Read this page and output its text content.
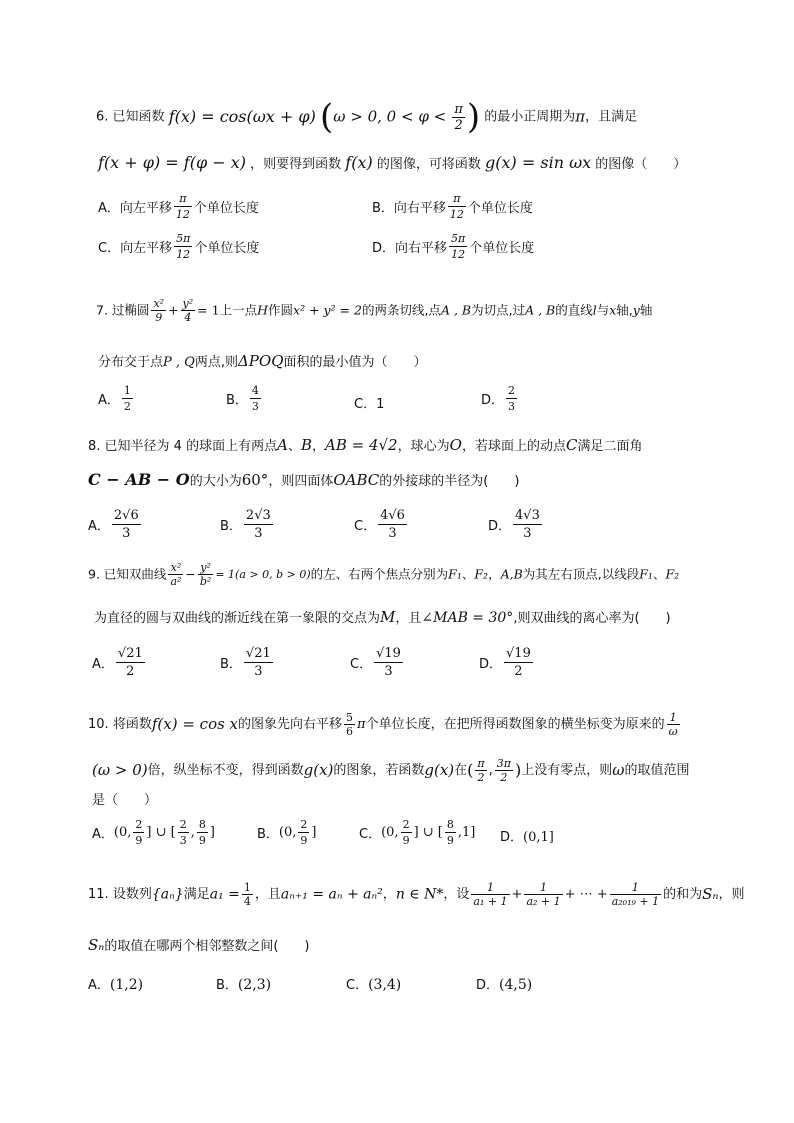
6. 已知函数 f(x) = cos(ωx + φ) (ω > 0, $0 < \varphi < \frac{\pi}{2}$ ) 的最小正周期为π，且满足
f(x + φ) = f(φ − x) ，则要得到函数 f(x) 的图像，可将函数 g(x) = sin ωx 的图像（　　）
A．向左平移 $\frac{\pi}{12}$ 个单位长度	B．向右平移 $\frac{\pi}{12}$ 个单位长度
C．向左平移 $\frac{5\pi}{12}$ 个单位长度	D．向右平移 $\frac{5\pi}{12}$ 个单位长度
7. 过椭圆 $\frac{\text{x²}}{9} + \frac{\text{y²}}{4} = 1$上一点H作圆x² + y² = 2的两条切线,点A , B为切点,过A , B的直线l与x轴,y轴
分布交于点P , Q两点,则ΔPOQ面积的最小值为（　　）
A． $\frac{1}{2}$	B． $\frac{4}{3}$	C．1	D． $\frac{2}{3}$
8. 已知半径为 4 的球面上有两点A、B，AB = 4√2，球心为O，若球面上的动点C满足二面角
C − AB − O的大小为60°，则四面体OABC的外接球的半径为(　　)
A． $\frac{2√6}{3}$	B． $\frac{2√3}{3}$	C． $\frac{4√6}{3}$	D． $\frac{4√3}{3}$
9. 已知双曲线 $\frac{\text{x²}}{\text{a²}} - \frac{\text{y²}}{\text{b²}} = 1(a > 0$, b > 0)的左、右两个焦点分别为F₁、F₂，A,B为其左右顶点,以线段F₁、F₂
为直径的圆与双曲线的渐近线在第一象限的交点为M，且∠MAB = 30°,则双曲线的离心率为(　　)
A． $\frac{√21}{2}$	B． $\frac{√21}{3}$	C． $\frac{√19}{3}$	D． $\frac{√19}{2}$
10. 将函数f(x) = cos x的图象先向右平移 $\frac{5}{6}$ π个单位长度，在把所得函数图象的横坐标变为原来的 $\frac{1}{\omega}$
(ω > 0)倍，纵坐标不变，得到函数g(x)的图象，若函数g(x)在( $\frac{\pi}{2}$ , $\frac{3\pi}{2}$ )上没有零点，则ω的取值范围
是（　　）
A．(0, $\frac{2}{9}$ ] ∪ [ $\frac{2}{3}$ , $\frac{8}{9}$ ]	B．(0, $\frac{2}{9}$ ]	C．(0, $\frac{2}{9}$ ] ∪ [ $\frac{8}{9} ,1$] D．(0,1]
11. 设数列{aₙ}满足$a_1 = \frac{1}{4}$ ，且aₙ₊₁ = aₙ + aₙ²，n ∈ N*，设 $\frac{1}{\text{a₁ + 1}} + \frac{1}{\text{a₂ + 1}}$ + ⋯ + $\frac{1}{\text{a₂₀₁₉ + 1}}$ 的和为Sₙ，则
Sₙ的取值在哪两个相邻整数之间(　　)
A．(1,2)	B．(2,3)	C．(3,4)	D．(4,5)
